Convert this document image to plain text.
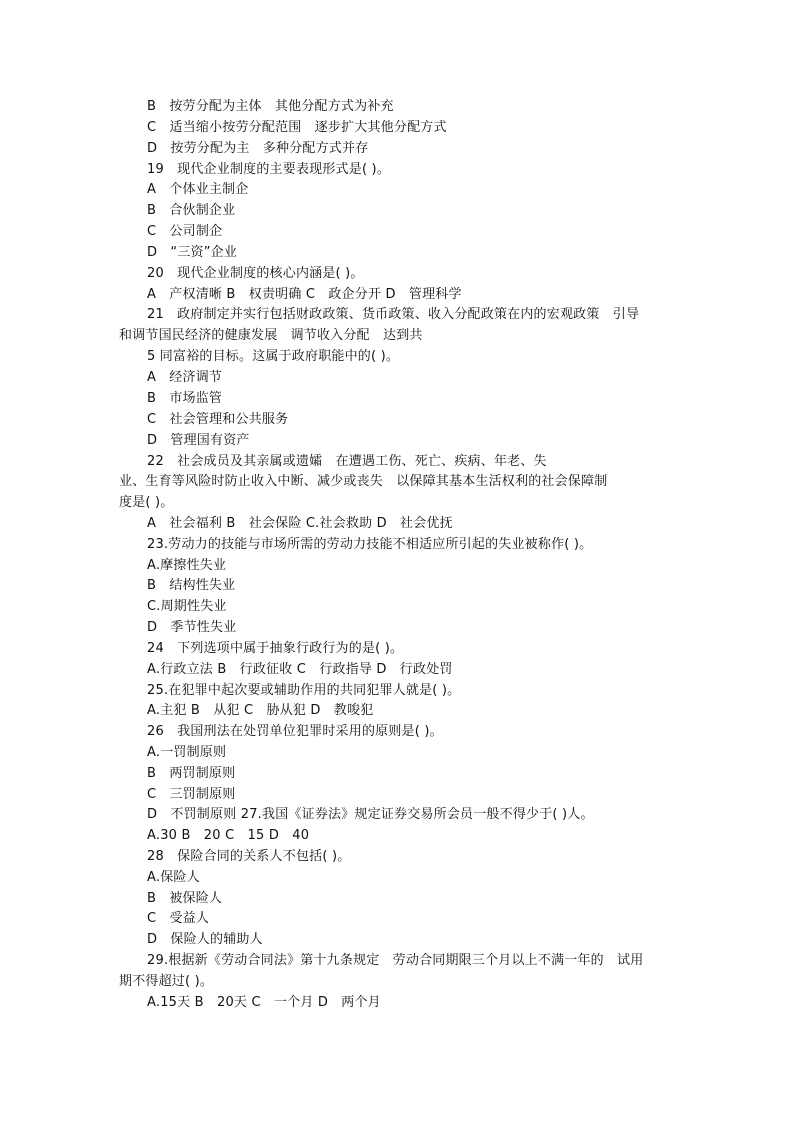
B　按劳分配为主体　其他分配方式为补充
C　适当缩小按劳分配范围　逐步扩大其他分配方式
D　按劳分配为主　多种分配方式并存
19　现代企业制度的主要表现形式是( )。
A　个体业主制企
B　合伙制企业
C　公司制企
D　“三资”企业
20　现代企业制度的核心内涵是( )。
A　产权清晰 B　权责明确 C　政企分开 D　管理科学
21　政府制定并实行包括财政政策、货币政策、收入分配政策在内的宏观政策　引导
和调节国民经济的健康发展　调节收入分配　达到共
5 同富裕的目标。这属于政府职能中的( )。
A　经济调节
B　市场监管
C　社会管理和公共服务
D　管理国有资产
22　社会成员及其亲属或遗孀　在遭遇工伤、死亡、疾病、年老、失
业、生育等风险时防止收入中断、减少或丧失　以保障其基本生活权利的社会保障制
度是( )。
A　社会福利 B　社会保险 C.社会救助 D　社会优抚
23.劳动力的技能与市场所需的劳动力技能不相适应所引起的失业被称作( )。
A.摩擦性失业
B　结构性失业
C.周期性失业
D　季节性失业
24　下列选项中属于抽象行政行为的是( )。
A.行政立法 B　行政征收 C　行政指导 D　行政处罚
25.在犯罪中起次要或辅助作用的共同犯罪人就是( )。
A.主犯 B　从犯 C　胁从犯 D　教唆犯
26　我国刑法在处罚单位犯罪时采用的原则是( )。
A.一罚制原则
B　两罚制原则
C　三罚制原则
D　不罚制原则 27.我国《证券法》规定证券交易所会员一般不得少于( )人。
A.30 B　20 C　15 D　40
28　保险合同的关系人不包括( )。
A.保险人
B　被保险人
C　受益人
D　保险人的辅助人
29.根据新《劳动合同法》第十九条规定　劳动合同期限三个月以上不满一年的　试用
期不得超过( )。
A.15天 B　20天 C　一个月 D　两个月
